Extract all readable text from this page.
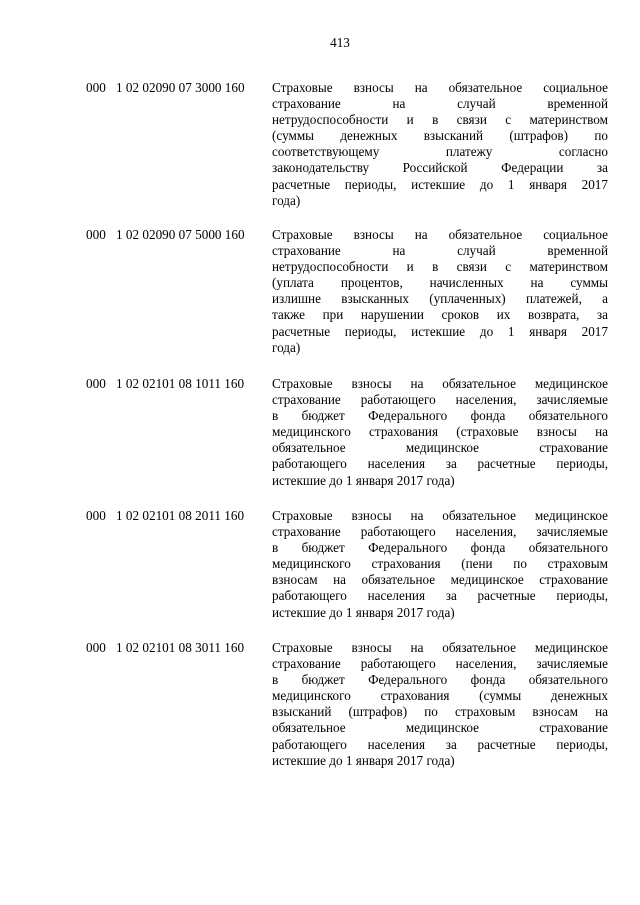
413
000 1 02 02090 07 3000 160 Страховые взносы на обязательное социальное
страхование на случай временной
нетрудоспособности и в связи с материнством
(суммы денежных взысканий (штрафов) по
соответствующему платежу согласно
законодательству Российской Федерации за
расчетные периоды, истекшие до 1 января 2017
года)
000 1 02 02090 07 5000 160 Страховые взносы на обязательное социальное
страхование на случай временной
нетрудоспособности и в связи с материнством
(уплата процентов, начисленных на суммы
излишне взысканных (уплаченных) платежей, а
также при нарушении сроков их возврата, за
расчетные периоды, истекшие до 1 января 2017
года)
000 1 02 02101 08 1011 160 Страховые взносы на обязательное медицинское
страхование работающего населения, зачисляемые
в бюджет Федерального фонда обязательного
медицинского страхования (страховые взносы на
обязательное медицинское страхование
работающего населения за расчетные периоды,
истекшие до 1 января 2017 года)
000 1 02 02101 08 2011 160 Страховые взносы на обязательное медицинское
страхование работающего населения, зачисляемые
в бюджет Федерального фонда обязательного
медицинского страхования (пени по страховым
взносам на обязательное медицинское страхование
работающего населения за расчетные периоды,
истекшие до 1 января 2017 года)
000 1 02 02101 08 3011 160 Страховые взносы на обязательное медицинское
страхование работающего населения, зачисляемые
в бюджет Федерального фонда обязательного
медицинского страхования (суммы денежных
взысканий (штрафов) по страховым взносам на
обязательное медицинское страхование
работающего населения за расчетные периоды,
истекшие до 1 января 2017 года)
